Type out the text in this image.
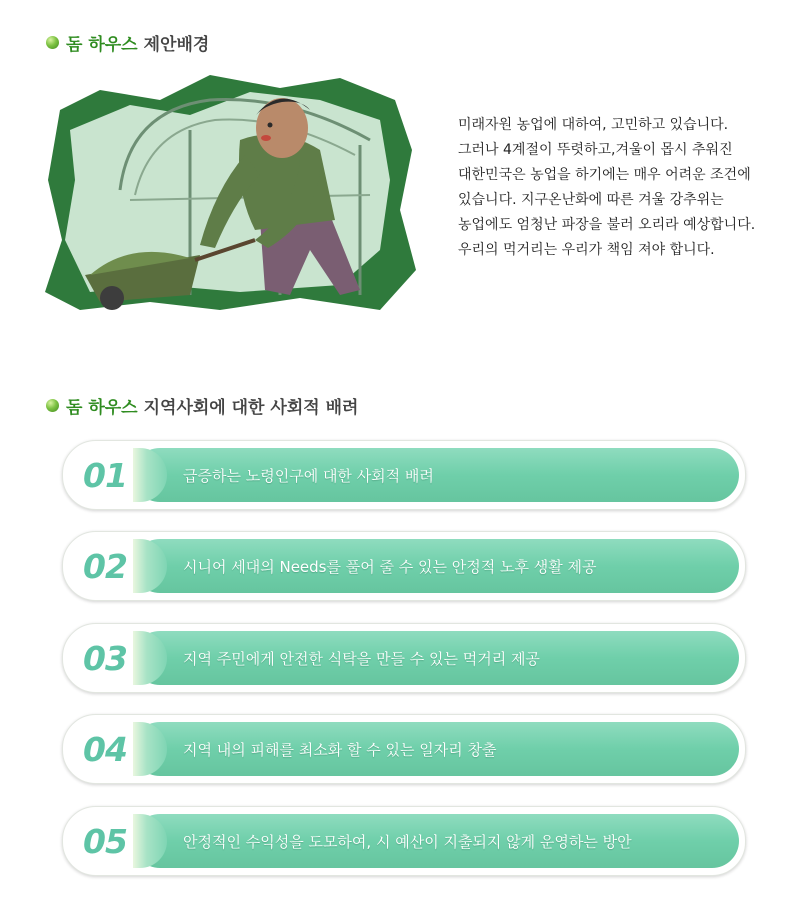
돔 하우스 제안배경

미래자원 농업에 대하여, 고민하고 있습니다.

그러나 4계절이 뚜렷하고,겨울이 몹시 추워진

대한민국은 농업을 하기에는 매우 어려운 조건에

있습니다. 지구온난화에 따른 겨울 강추위는

농업에도 엄청난 파장을 불러 오리라 예상합니다.

우리의 먹거리는 우리가 책임 져야 합니다.

돔 하우스 지역사회에 대한 사회적 배려
01	급증하는 노령인구에 대한 사회적 배려
02	시니어 세대의 Needs를 풀어 줄 수 있는 안정적 노후 생활 제공
03	지역 주민에게 안전한 식탁을 만들 수 있는 먹거리 제공
04	지역 내의 피해를 최소화 할 수 있는 일자리 창출
05	안정적인 수익성을 도모하여, 시 예산이 지출되지 않게 운영하는 방안
